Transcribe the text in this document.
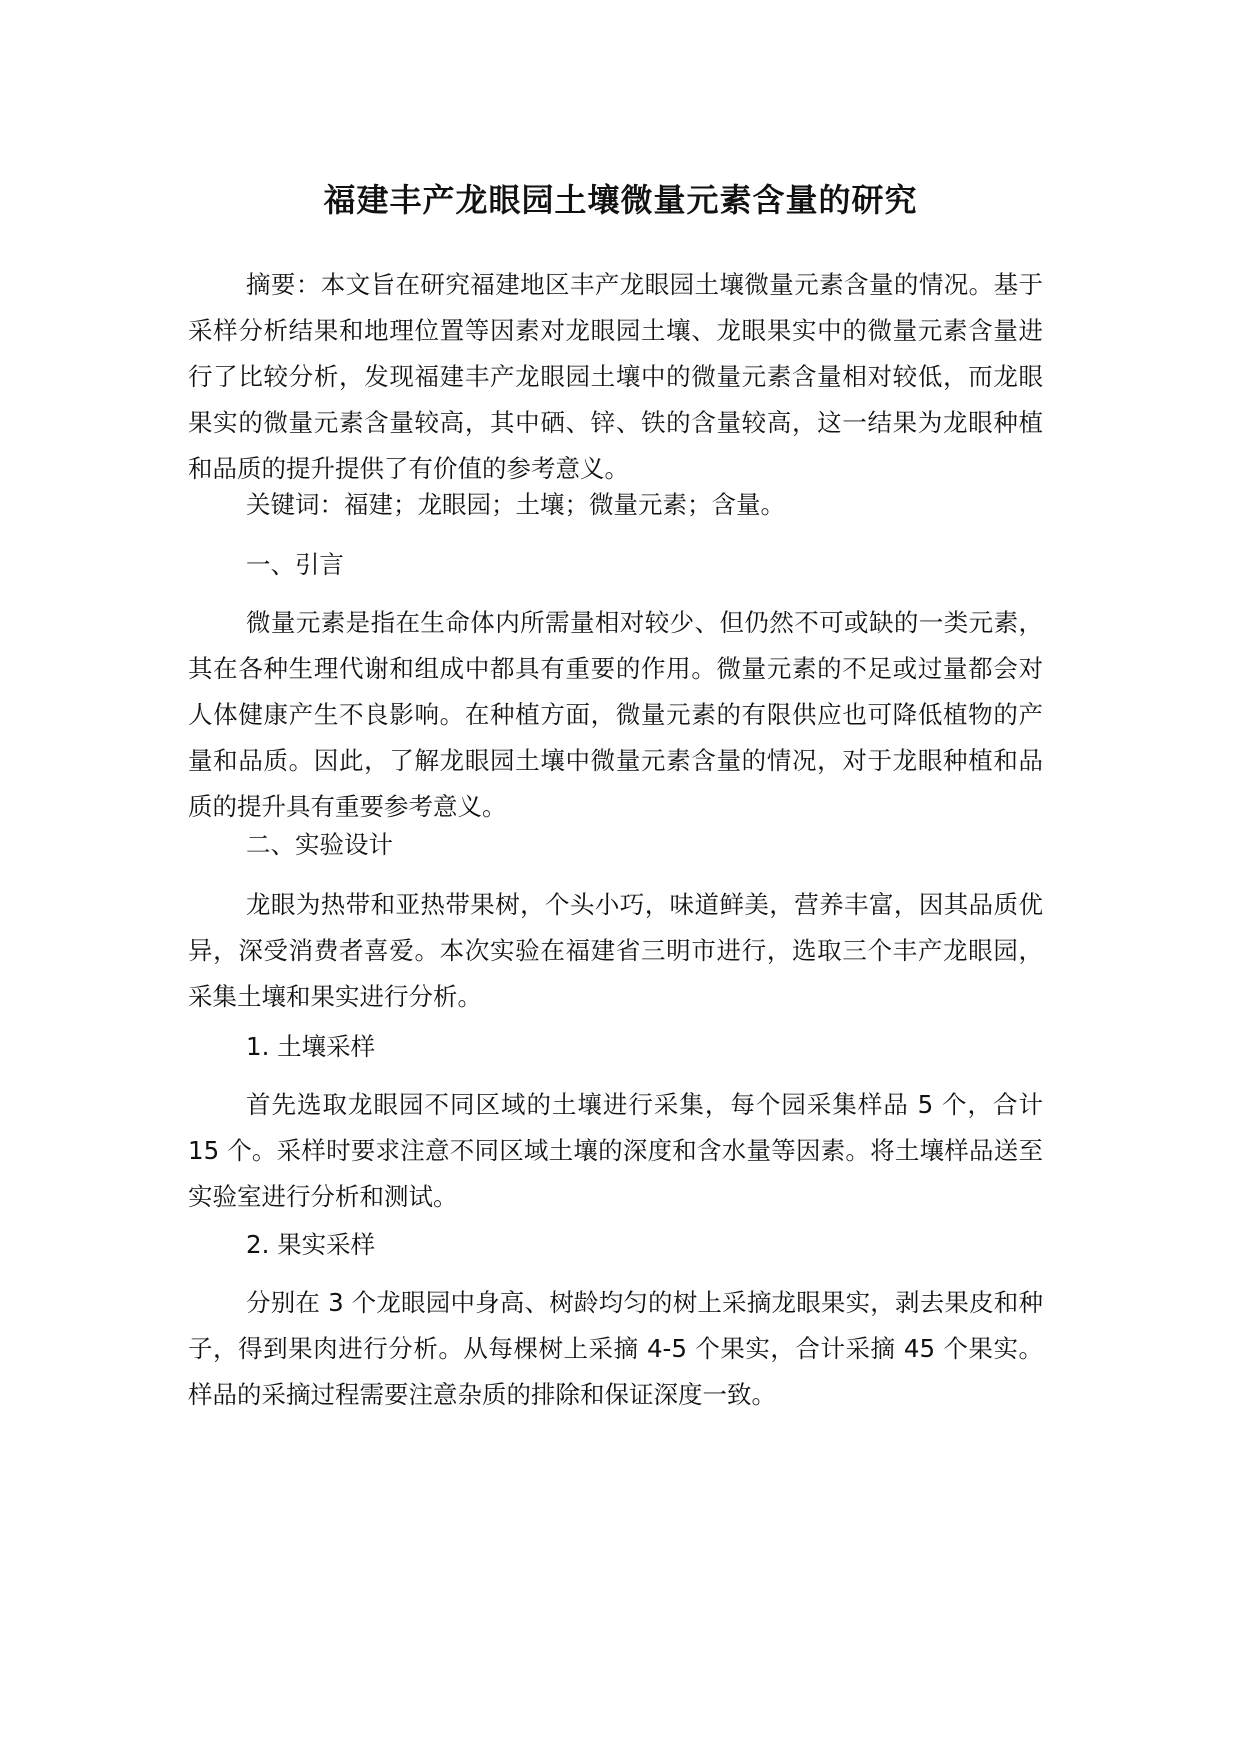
福建丰产龙眼园土壤微量元素含量的研究

摘要：本文旨在研究福建地区丰产龙眼园土壤微量元素含量的情况。基于采样分析结果和地理位置等因素对龙眼园土壤、龙眼果实中的微量元素含量进行了比较分析，发现福建丰产龙眼园土壤中的微量元素含量相对较低，而龙眼果实的微量元素含量较高，其中硒、锌、铁的含量较高，这一结果为龙眼种植和品质的提升提供了有价值的参考意义。

关键词：福建；龙眼园；土壤；微量元素；含量。

一、引言

微量元素是指在生命体内所需量相对较少、但仍然不可或缺的一类元素，其在各种生理代谢和组成中都具有重要的作用。微量元素的不足或过量都会对人体健康产生不良影响。在种植方面，微量元素的有限供应也可降低植物的产量和品质。因此，了解龙眼园土壤中微量元素含量的情况，对于龙眼种植和品质的提升具有重要参考意义。

二、实验设计

龙眼为热带和亚热带果树，个头小巧，味道鲜美，营养丰富，因其品质优异，深受消费者喜爱。本次实验在福建省三明市进行，选取三个丰产龙眼园，采集土壤和果实进行分析。

1. 土壤采样

首先选取龙眼园不同区域的土壤进行采集，每个园采集样品 5 个，合计 15 个。采样时要求注意不同区域土壤的深度和含水量等因素。将土壤样品送至实验室进行分析和测试。

2. 果实采样

分别在 3 个龙眼园中身高、树龄均匀的树上采摘龙眼果实，剥去果皮和种子，得到果肉进行分析。从每棵树上采摘 4-5 个果实，合计采摘 45 个果实。样品的采摘过程需要注意杂质的排除和保证深度一致。
